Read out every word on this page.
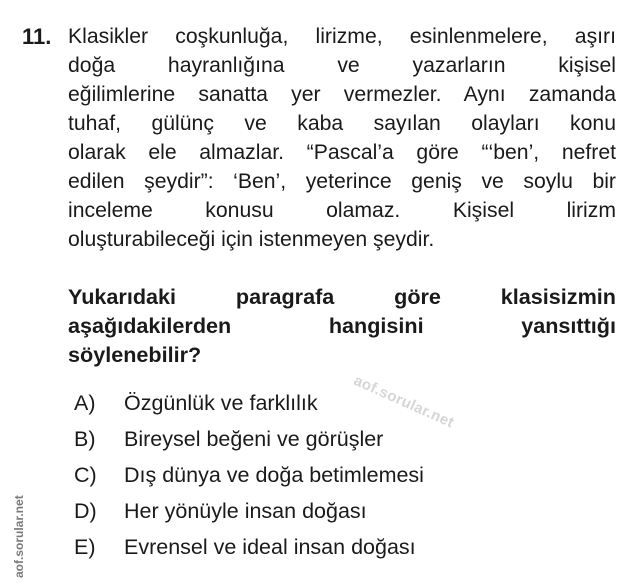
11. Klasikler coşkunluğa, lirizme, esinlenmelere, aşırı
doğa hayranlığına ve yazarların kişisel
eğilimlerine sanatta yer vermezler. Aynı zamanda
tuhaf, gülünç ve kaba sayılan olayları konu
olarak ele almazlar. “Pascal’a göre “‘ben’, nefret
edilen şeydir”: ‘Ben’, yeterince geniş ve soylu bir
inceleme konusu olamaz. Kişisel lirizm
oluşturabileceği için istenmeyen şeydir.
Yukarıdaki paragrafa göre klasisizmin
aşağıdakilerden hangisini yansıttığı
söylenebilir?
aof.sorular.net
A)	Özgünlük ve farklılık
B)	Bireysel beğeni ve görüşler
C)	Dış dünya ve doğa betimlemesi
D)	Her yönüyle insan doğası
E)	Evrensel ve ideal insan doğası
aof.sorular.net
